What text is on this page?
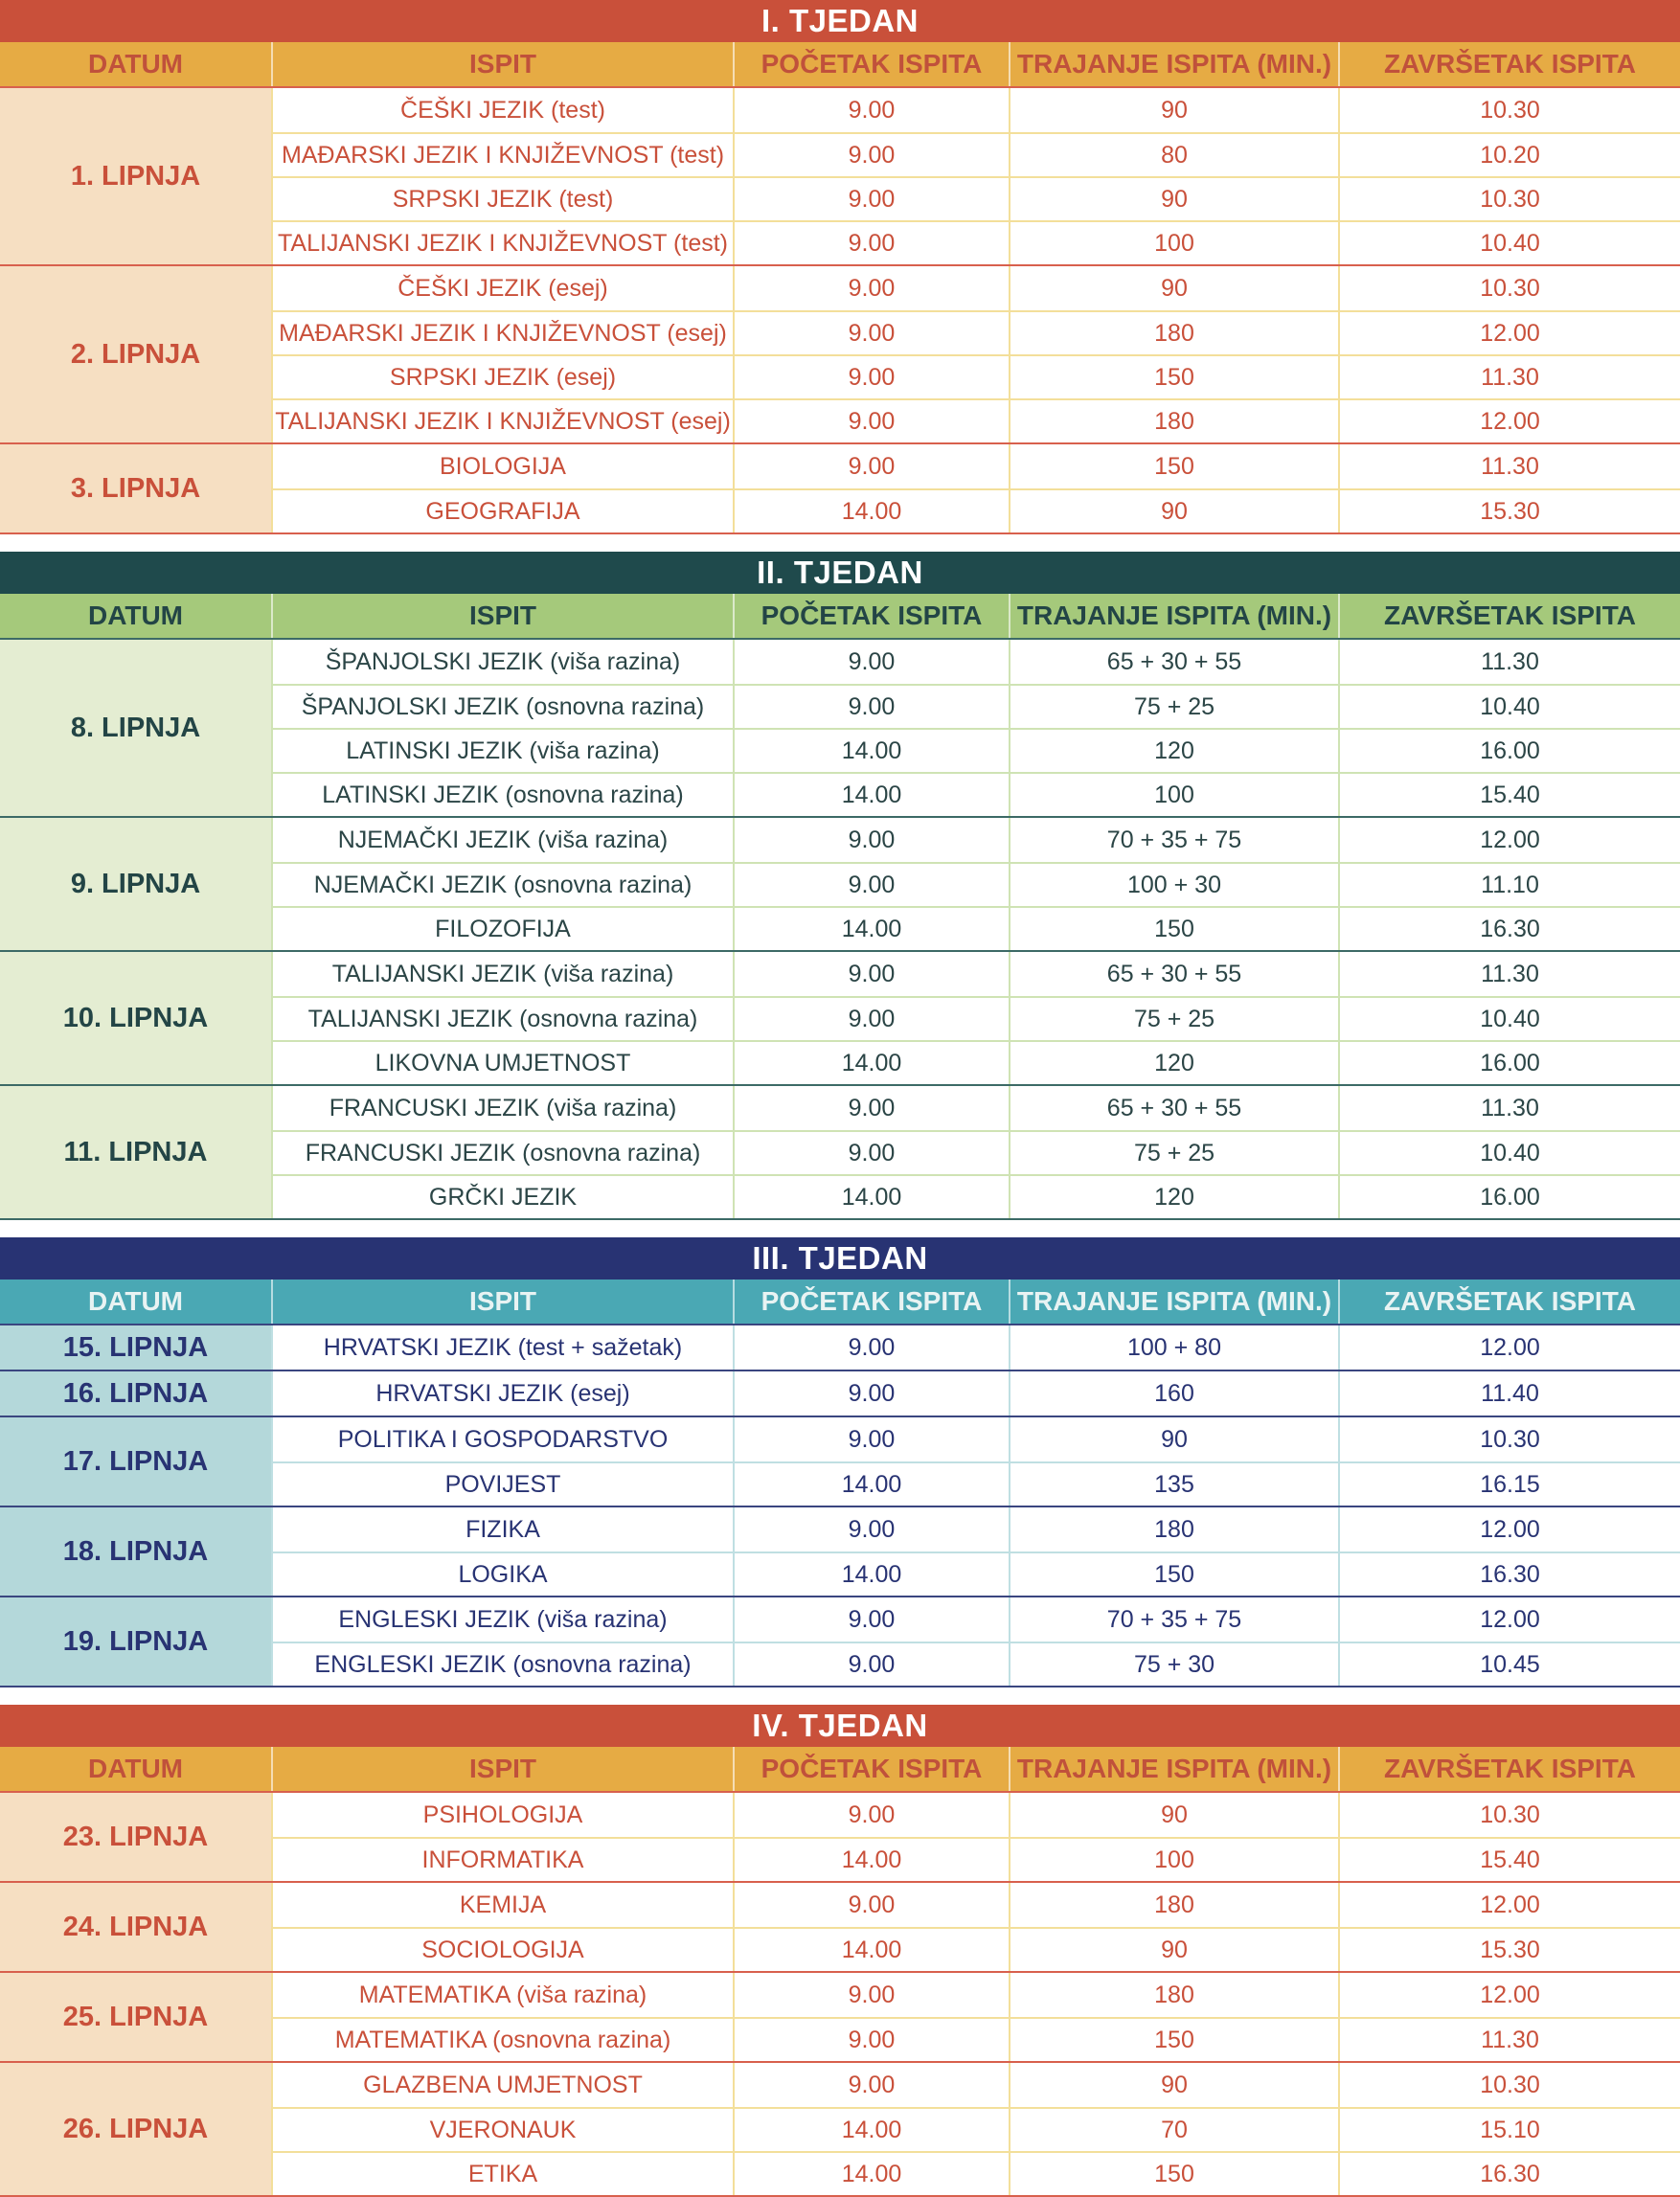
I. TJEDAN
DATUM	ISPIT	POČETAK ISPITA	TRAJANJE ISPITA (MIN.)	ZAVRŠETAK ISPITA
1. LIPNJA
ČEŠKI JEZIK (test)	9.00	90	10.30
MAĐARSKI JEZIK I KNJIŽEVNOST (test)	9.00	80	10.20
SRPSKI JEZIK (test)	9.00	90	10.30
TALIJANSKI JEZIK I KNJIŽEVNOST (test)	9.00	100	10.40
2. LIPNJA
ČEŠKI JEZIK (esej)	9.00	90	10.30
MAĐARSKI JEZIK I KNJIŽEVNOST (esej)	9.00	180	12.00
SRPSKI JEZIK (esej)	9.00	150	11.30
TALIJANSKI JEZIK I KNJIŽEVNOST (esej)	9.00	180	12.00
3. LIPNJA
BIOLOGIJA	9.00	150	11.30
GEOGRAFIJA	14.00	90	15.30
II. TJEDAN
DATUM	ISPIT	POČETAK ISPITA	TRAJANJE ISPITA (MIN.)	ZAVRŠETAK ISPITA
8. LIPNJA
ŠPANJOLSKI JEZIK (viša razina)	9.00	65 + 30 + 55	11.30
ŠPANJOLSKI JEZIK (osnovna razina)	9.00	75 + 25	10.40
LATINSKI JEZIK (viša razina)	14.00	120	16.00
LATINSKI JEZIK (osnovna razina)	14.00	100	15.40
9. LIPNJA
NJEMAČKI JEZIK (viša razina)	9.00	70 + 35 + 75	12.00
NJEMAČKI JEZIK (osnovna razina)	9.00	100 + 30	11.10
FILOZOFIJA	14.00	150	16.30
10. LIPNJA
TALIJANSKI JEZIK (viša razina)	9.00	65 + 30 + 55	11.30
TALIJANSKI JEZIK (osnovna razina)	9.00	75 + 25	10.40
LIKOVNA UMJETNOST	14.00	120	16.00
11. LIPNJA
FRANCUSKI JEZIK (viša razina)	9.00	65 + 30 + 55	11.30
FRANCUSKI JEZIK (osnovna razina)	9.00	75 + 25	10.40
GRČKI JEZIK	14.00	120	16.00
III. TJEDAN
DATUM	ISPIT	POČETAK ISPITA	TRAJANJE ISPITA (MIN.)	ZAVRŠETAK ISPITA
15. LIPNJA	HRVATSKI JEZIK (test + sažetak)	9.00	100 + 80	12.00
16. LIPNJA	HRVATSKI JEZIK (esej)	9.00	160	11.40
17. LIPNJA
POLITIKA I GOSPODARSTVO	9.00	90	10.30
POVIJEST	14.00	135	16.15
18. LIPNJA
FIZIKA	9.00	180	12.00
LOGIKA	14.00	150	16.30
19. LIPNJA
ENGLESKI JEZIK (viša razina)	9.00	70 + 35 + 75	12.00
ENGLESKI JEZIK (osnovna razina)	9.00	75 + 30	10.45
IV. TJEDAN
DATUM	ISPIT	POČETAK ISPITA	TRAJANJE ISPITA (MIN.)	ZAVRŠETAK ISPITA
23. LIPNJA
PSIHOLOGIJA	9.00	90	10.30
INFORMATIKA	14.00	100	15.40
24. LIPNJA
KEMIJA	9.00	180	12.00
SOCIOLOGIJA	14.00	90	15.30
25. LIPNJA
MATEMATIKA (viša razina)	9.00	180	12.00
MATEMATIKA (osnovna razina)	9.00	150	11.30
26. LIPNJA
GLAZBENA UMJETNOST	9.00	90	10.30
VJERONAUK	14.00	70	15.10
ETIKA	14.00	150	16.30
